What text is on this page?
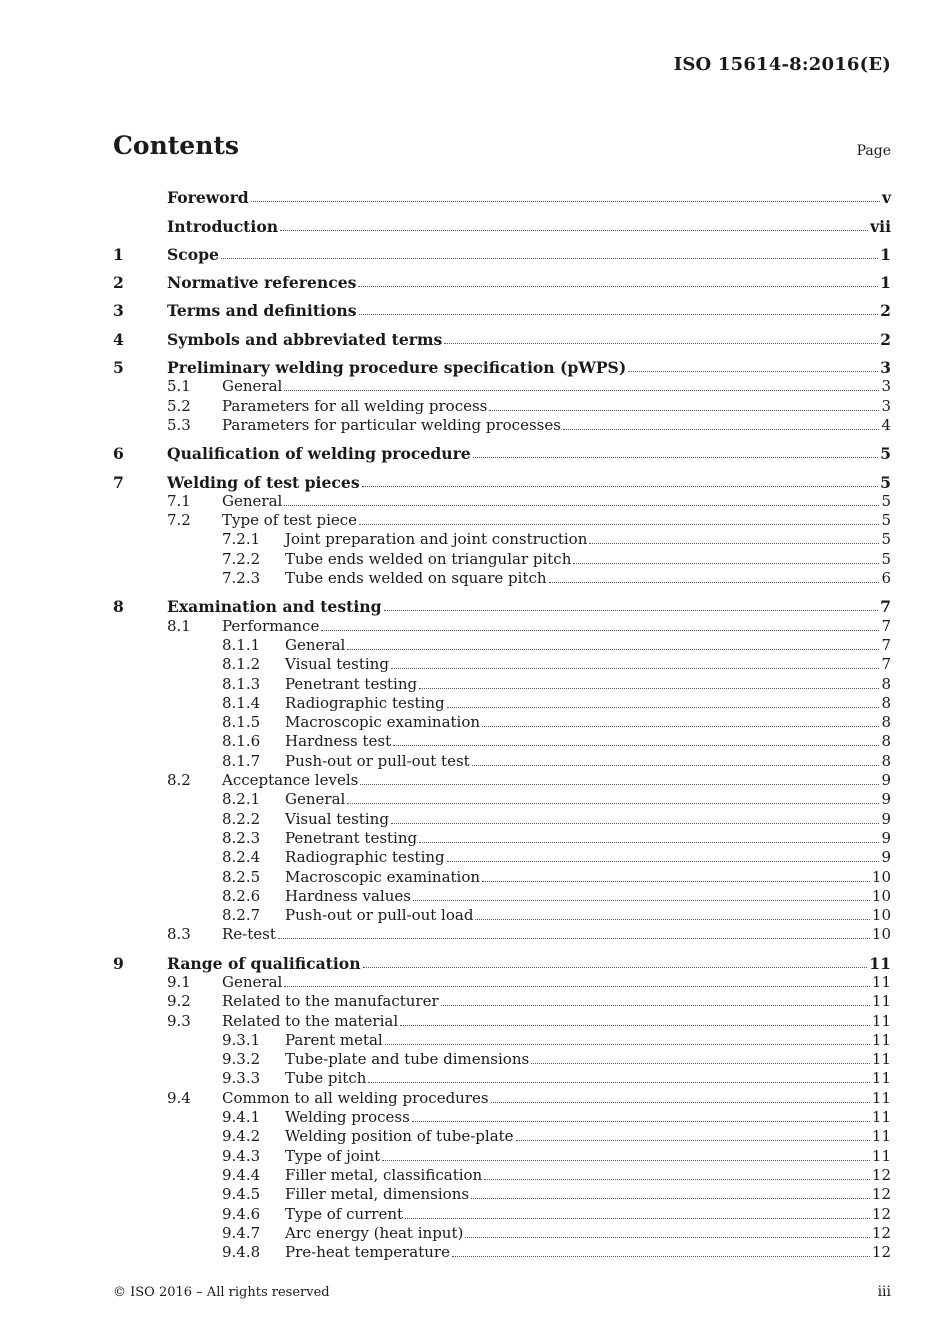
ISO 15614-8:2016(E)
Contents	Page
Foreword	v
Introduction	vii
1	Scope	1
2	Normative references	1
3	Terms and definitions	2
4	Symbols and abbreviated terms	2
5	Preliminary welding procedure specification (pWPS)	3
5.1	General	3
5.2	Parameters for all welding process	3
5.3	Parameters for particular welding processes	4
6	Qualification of welding procedure	5
7	Welding of test pieces	5
7.1	General	5
7.2	Type of test piece	5
7.2.1	Joint preparation and joint construction	5
7.2.2	Tube ends welded on triangular pitch	5
7.2.3	Tube ends welded on square pitch	6
8	Examination and testing	7
8.1	Performance	7
8.1.1	General	7
8.1.2	Visual testing	7
8.1.3	Penetrant testing	8
8.1.4	Radiographic testing	8
8.1.5	Macroscopic examination	8
8.1.6	Hardness test	8
8.1.7	Push-out or pull-out test	8
8.2	Acceptance levels	9
8.2.1	General	9
8.2.2	Visual testing	9
8.2.3	Penetrant testing	9
8.2.4	Radiographic testing	9
8.2.5	Macroscopic examination	10
8.2.6	Hardness values	10
8.2.7	Push-out or pull-out load	10
8.3	Re-test	10
9	Range of qualification	11
9.1	General	11
9.2	Related to the manufacturer	11
9.3	Related to the material	11
9.3.1	Parent metal	11
9.3.2	Tube-plate and tube dimensions	11
9.3.3	Tube pitch	11
9.4	Common to all welding procedures	11
9.4.1	Welding process	11
9.4.2	Welding position of tube-plate	11
9.4.3	Type of joint	11
9.4.4	Filler metal, classification	12
9.4.5	Filler metal, dimensions	12
9.4.6	Type of current	12
9.4.7	Arc energy (heat input)	12
9.4.8	Pre-heat temperature	12
© ISO 2016 – All rights reserved	iii
